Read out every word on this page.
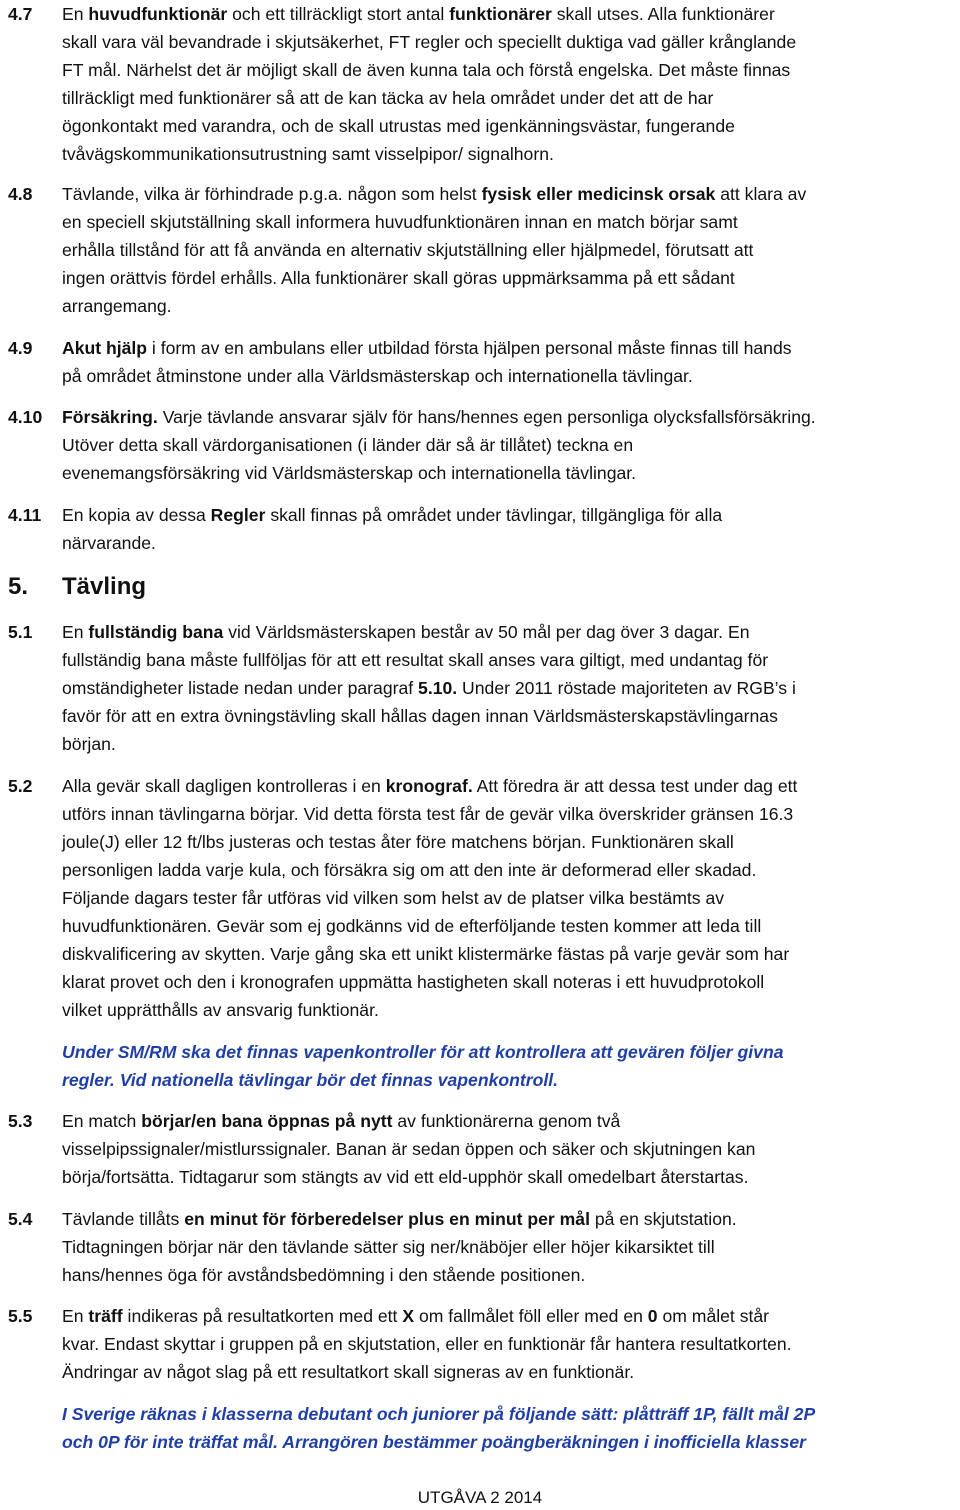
5. Tävling
UTGÅVA 2 2014
4.7 En huvudfunktionär och ett tillräckligt stort antal funktionärer skall utses. Alla funktionärer
skall vara väl bevandrade i skjutsäkerhet, FT regler och speciellt duktiga vad gäller krånglande
FT mål. Närhelst det är möjligt skall de även kunna tala och förstå engelska. Det måste finnas
tillräckligt med funktionärer så att de kan täcka av hela området under det att de har
ögonkontakt med varandra, och de skall utrustas med igenkänningsvästar, fungerande
tvåvägskommunikationsutrustning samt visselpipor/ signalhorn.
4.8 Tävlande, vilka är förhindrade p.g.a. någon som helst fysisk eller medicinsk orsak att klara av
en speciell skjutställning skall informera huvudfunktionären innan en match börjar samt
erhålla tillstånd för att få använda en alternativ skjutställning eller hjälpmedel, förutsatt att
ingen orättvis fördel erhålls. Alla funktionärer skall göras uppmärksamma på ett sådant
arrangemang.
4.9 Akut hjälp i form av en ambulans eller utbildad första hjälpen personal måste finnas till hands
på området åtminstone under alla Världsmästerskap och internationella tävlingar.
4.10 Försäkring. Varje tävlande ansvarar själv för hans/hennes egen personliga olycksfallsförsäkring.
Utöver detta skall värdorganisationen (i länder där så är tillåtet) teckna en
evenemangsförsäkring vid Världsmästerskap och internationella tävlingar.
4.11 En kopia av dessa Regler skall finnas på området under tävlingar, tillgängliga för alla
närvarande.
5.1 En fullständig bana vid Världsmästerskapen består av 50 mål per dag över 3 dagar. En
fullständig bana måste fullföljas för att ett resultat skall anses vara giltigt, med undantag för
omständigheter listade nedan under paragraf 5.10. Under 2011 röstade majoriteten av RGB’s i
favör för att en extra övningstävling skall hållas dagen innan Världsmästerskapstävlingarnas
början.
5.2 Alla gevär skall dagligen kontrolleras i en kronograf. Att föredra är att dessa test under dag ett
utförs innan tävlingarna börjar. Vid detta första test får de gevär vilka överskrider gränsen 16.3
joule(J) eller 12 ft/lbs justeras och testas åter före matchens början. Funktionären skall
personligen ladda varje kula, och försäkra sig om att den inte är deformerad eller skadad.
Följande dagars tester får utföras vid vilken som helst av de platser vilka bestämts av
huvudfunktionären. Gevär som ej godkänns vid de efterföljande testen kommer att leda till
diskvalificering av skytten. Varje gång ska ett unikt klistermärke fästas på varje gevär som har
klarat provet och den i kronografen uppmätta hastigheten skall noteras i ett huvudprotokoll
vilket upprätthålls av ansvarig funktionär.
5.3 En match börjar/en bana öppnas på nytt av funktionärerna genom två
visselpipssignaler/mistlurssignaler. Banan är sedan öppen och säker och skjutningen kan
börja/fortsätta. Tidtagarur som stängts av vid ett eld-upphör skall omedelbart återstartas.
5.4 Tävlande tillåts en minut för förberedelser plus en minut per mål på en skjutstation.
Tidtagningen börjar när den tävlande sätter sig ner/knäböjer eller höjer kikarsiktet till
hans/hennes öga för avståndsbedömning i den stående positionen.
5.5 En träff indikeras på resultatkorten med ett X om fallmålet föll eller med en 0 om målet står
kvar. Endast skyttar i gruppen på en skjutstation, eller en funktionär får hantera resultatkorten.
Ändringar av något slag på ett resultatkort skall signeras av en funktionär.
Under SM/RM ska det finnas vapenkontroller för att kontrollera att gevären följer givna
regler. Vid nationella tävlingar bör det finnas vapenkontroll.
I Sverige räknas i klasserna debutant och juniorer på följande sätt: plåtträff 1P, fällt mål 2P
och 0P för inte träffat mål. Arrangören bestämmer poängberäkningen i inofficiella klasser
